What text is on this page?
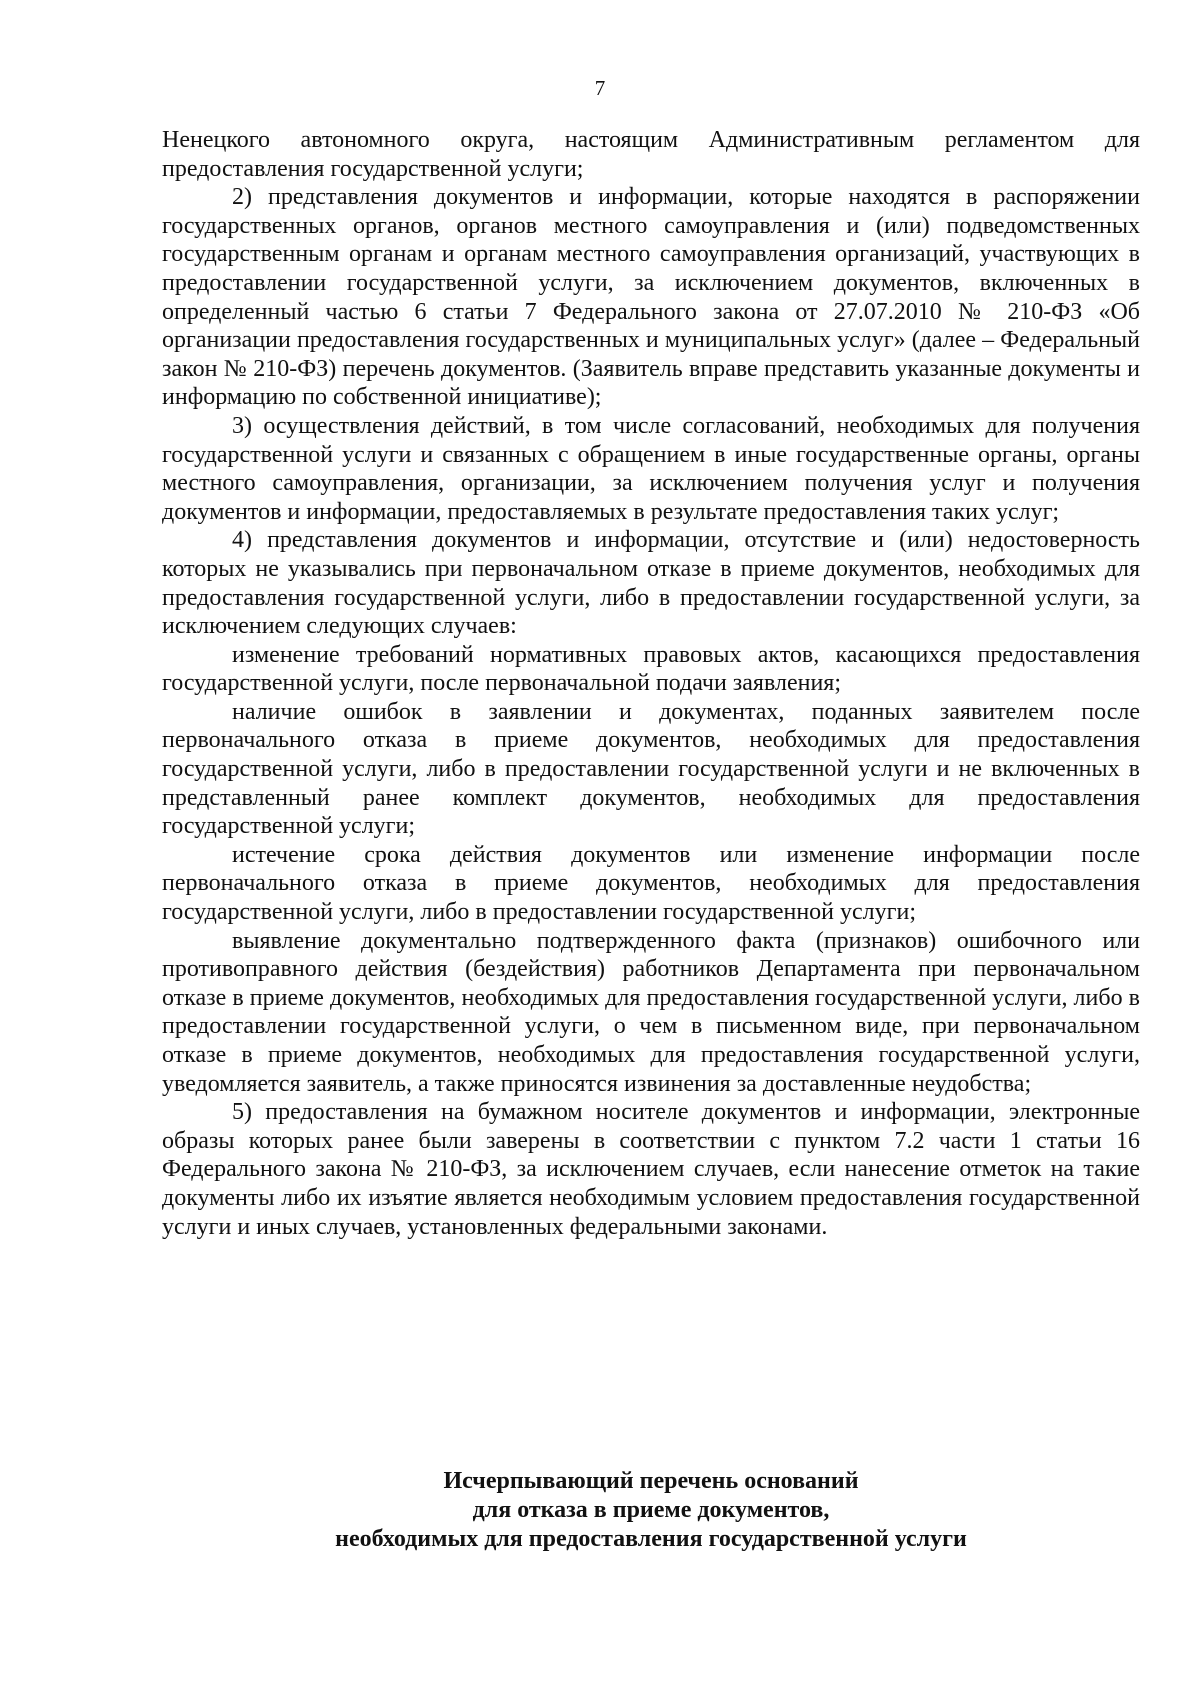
7

Ненецкого автономного округа, настоящим Административным регламентом для предоставления государственной услуги;

2) представления документов и информации, которые находятся в распоряжении государственных органов, органов местного самоуправления и (или) подведомственных государственным органам и органам местного самоуправления организаций, участвующих в предоставлении государственной услуги, за исключением документов, включенных в определенный частью 6 статьи 7 Федерального закона от 27.07.2010 № 210-ФЗ «Об организации предоставления государственных и муниципальных услуг» (далее – Федеральный закон № 210-ФЗ) перечень документов. (Заявитель вправе представить указанные документы и информацию по собственной инициативе);

3) осуществления действий, в том числе согласований, необходимых для получения государственной услуги и связанных с обращением в иные государственные органы, органы местного самоуправления, организации, за исключением получения услуг и получения документов и информации, предоставляемых в результате предоставления таких услуг;

4) представления документов и информации, отсутствие и (или) недостоверность которых не указывались при первоначальном отказе в приеме документов, необходимых для предоставления государственной услуги, либо в предоставлении государственной услуги, за исключением следующих случаев:

изменение требований нормативных правовых актов, касающихся предоставления государственной услуги, после первоначальной подачи заявления;

наличие ошибок в заявлении и документах, поданных заявителем после первоначального отказа в приеме документов, необходимых для предоставления государственной услуги, либо в предоставлении государственной услуги и не включенных в представленный ранее комплект документов, необходимых для предоставления государственной услуги;

истечение срока действия документов или изменение информации после первоначального отказа в приеме документов, необходимых для предоставления государственной услуги, либо в предоставлении государственной услуги;

выявление документально подтвержденного факта (признаков) ошибочного или противоправного действия (бездействия) работников Департамента при первоначальном отказе в приеме документов, необходимых для предоставления государственной услуги, либо в предоставлении государственной услуги, о чем в письменном виде, при первоначальном отказе в приеме документов, необходимых для предоставления государственной услуги, уведомляется заявитель, а также приносятся извинения за доставленные неудобства;

5) предоставления на бумажном носителе документов и информации, электронные образы которых ранее были заверены в соответствии с пунктом 7.2 части 1 статьи 16 Федерального закона № 210-ФЗ, за исключением случаев, если нанесение отметок на такие документы либо их изъятие является необходимым условием предоставления государственной услуги и иных случаев, установленных федеральными законами.

Исчерпывающий перечень оснований
для отказа в приеме документов,
необходимых для предоставления государственной услуги
